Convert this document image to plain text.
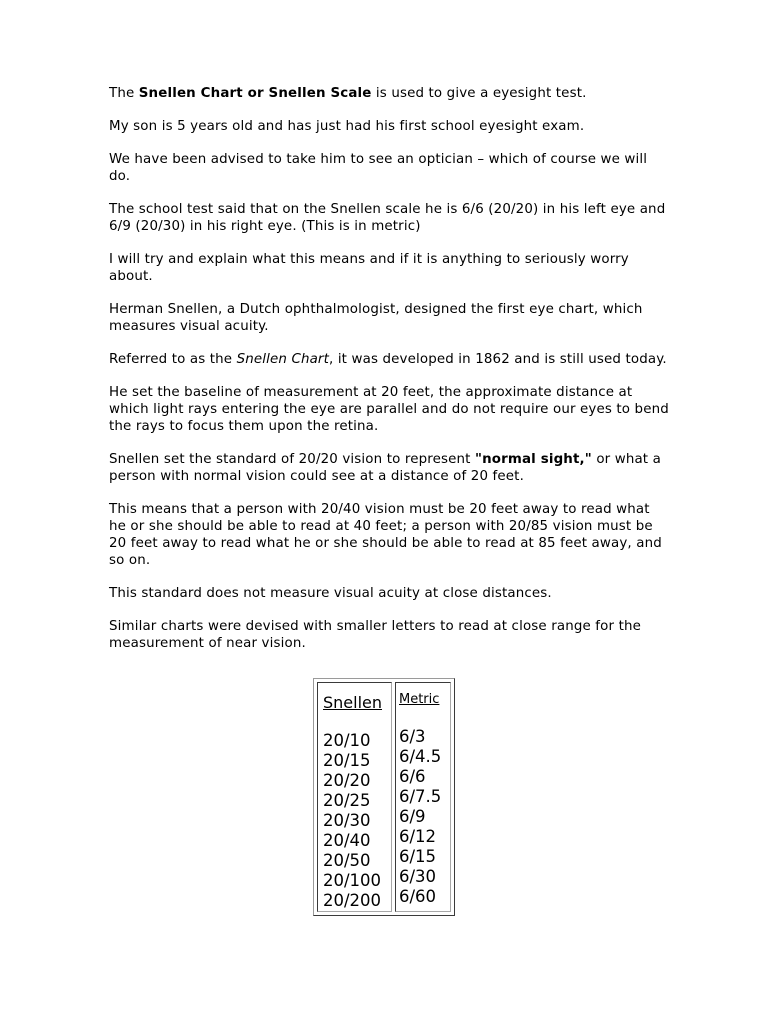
The Snellen Chart or Snellen Scale is used to give a eyesight test.

My son is 5 years old and has just had his first school eyesight exam.

We have been advised to take him to see an optician – which of course we will do.

The school test said that on the Snellen scale he is 6/6 (20/20) in his left eye and 6/9 (20/30) in his right eye. (This is in metric)

I will try and explain what this means and if it is anything to seriously worry about.

Herman Snellen, a Dutch ophthalmologist, designed the first eye chart, which measures visual acuity.

Referred to as the Snellen Chart, it was developed in 1862 and is still used today.

He set the baseline of measurement at 20 feet, the approximate distance at which light rays entering the eye are parallel and do not require our eyes to bend the rays to focus them upon the retina.

Snellen set the standard of 20/20 vision to represent "normal sight," or what a person with normal vision could see at a distance of 20 feet.

This means that a person with 20/40 vision must be 20 feet away to read what he or she should be able to read at 40 feet; a person with 20/85 vision must be 20 feet away to read what he or she should be able to read at 85 feet away, and so on.

This standard does not measure visual acuity at close distances.

Similar charts were devised with smaller letters to read at close range for the measurement of near vision.

Snellen
20/10
20/15
20/20
20/25
20/30
20/40
20/50
20/100
20/200
Metric
6/3
6/4.5
6/6
6/7.5
6/9
6/12
6/15
6/30
6/60
